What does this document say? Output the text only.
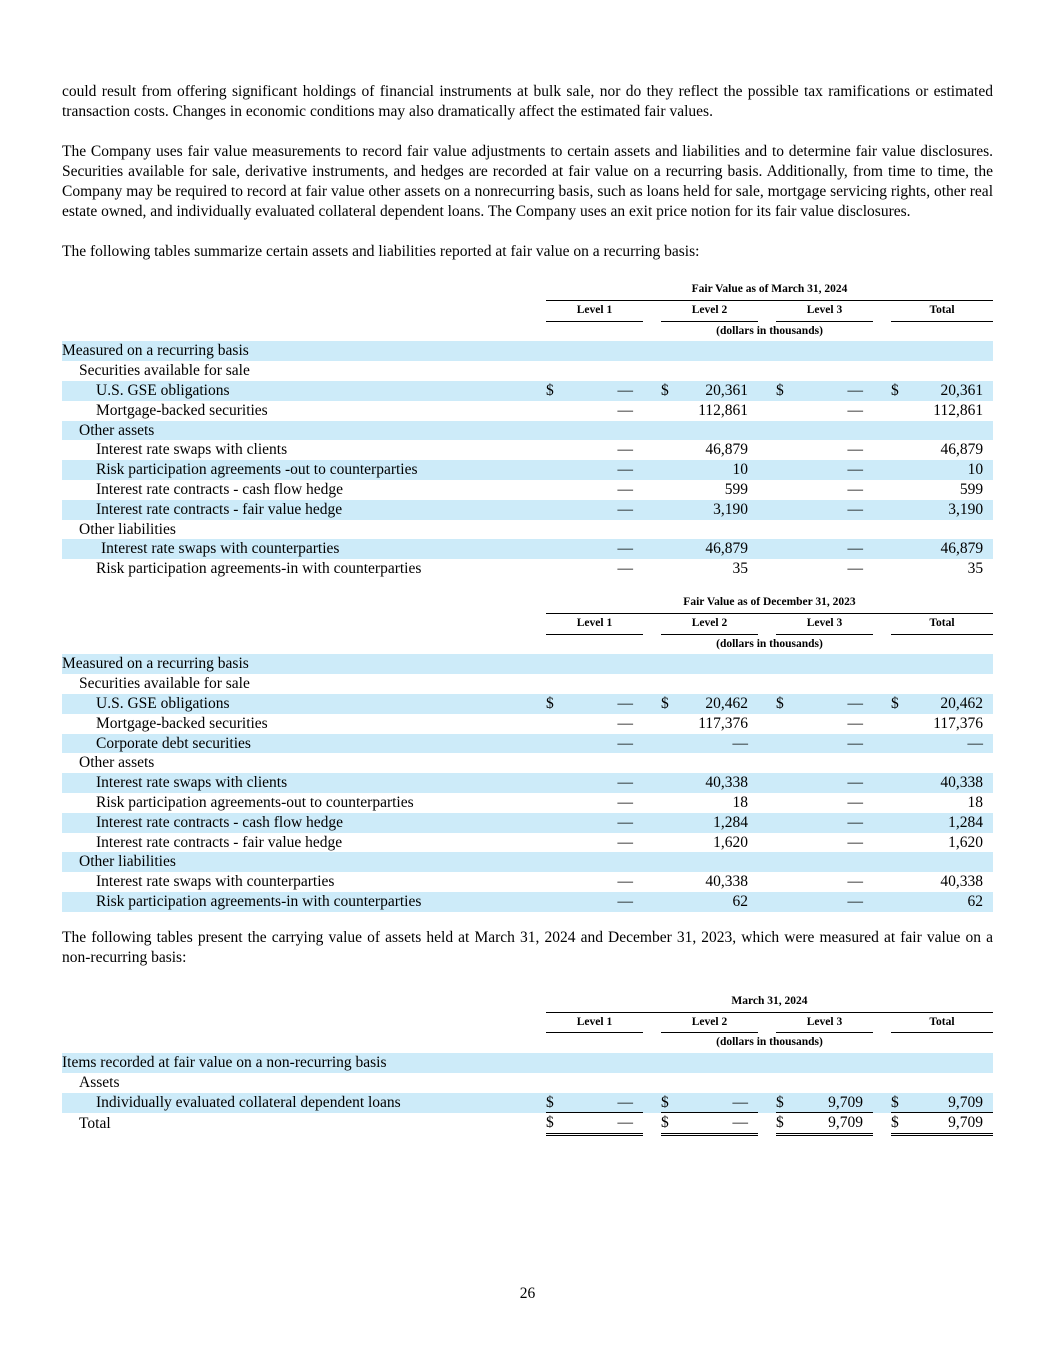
could result from offering significant holdings of financial instruments at bulk sale, nor do they reflect the possible tax ramifications or estimated transaction costs. Changes in economic conditions may also dramatically affect the estimated fair values.

The Company uses fair value measurements to record fair value adjustments to certain assets and liabilities and to determine fair value disclosures. Securities available for sale, derivative instruments, and hedges are recorded at fair value on a recurring basis. Additionally, from time to time, the Company may be required to record at fair value other assets on a nonrecurring basis, such as loans held for sale, mortgage servicing rights, other real estate owned, and individually evaluated collateral dependent loans. The Company uses an exit price notion for its fair value disclosures.

The following tables summarize certain assets and liabilities reported at fair value on a recurring basis:

	Fair Value as of March 31, 2024										
	Level 1			Level 2			Level 3			Total	
	(dollars in thousands)										
Measured on a recurring basis											
Securities available for sale											
U.S. GSE obligations	$	—		$	20,361		$	—		$	20,361
Mortgage-backed securities		—			112,861			—			112,861
Other assets											
Interest rate swaps with clients		—			46,879			—			46,879
Risk participation agreements -out to counterparties		—			10			—			10
Interest rate contracts - cash flow hedge		—			599			—			599
Interest rate contracts - fair value hedge		—			3,190			—			3,190
Other liabilities											
Interest rate swaps with counterparties		—			46,879			—			46,879
Risk participation agreements-in with counterparties		—			35			—			35
	Fair Value as of December 31, 2023										
	Level 1			Level 2			Level 3			Total	
	(dollars in thousands)										
Measured on a recurring basis											
Securities available for sale											
U.S. GSE obligations	$	—		$	20,462		$	—		$	20,462
Mortgage-backed securities		—			117,376			—			117,376
Corporate debt securities		—			—			—			—
Other assets											
Interest rate swaps with clients		—			40,338			—			40,338
Risk participation agreements-out to counterparties		—			18			—			18
Interest rate contracts - cash flow hedge		—			1,284			—			1,284
Interest rate contracts - fair value hedge		—			1,620			—			1,620
Other liabilities											
Interest rate swaps with counterparties		—			40,338			—			40,338
Risk participation agreements-in with counterparties		—			62			—			62

The following tables present the carrying value of assets held at March 31, 2024 and December 31, 2023, which were measured at fair value on a non-recurring basis:

	March 31, 2024										
	Level 1			Level 2			Level 3			Total	
	(dollars in thousands)										
Items recorded at fair value on a non-recurring basis											
Assets											
Individually evaluated collateral dependent loans	$	—		$	—		$	9,709		$	9,709
Total	$	—		$	—		$	9,709		$	9,709
26
